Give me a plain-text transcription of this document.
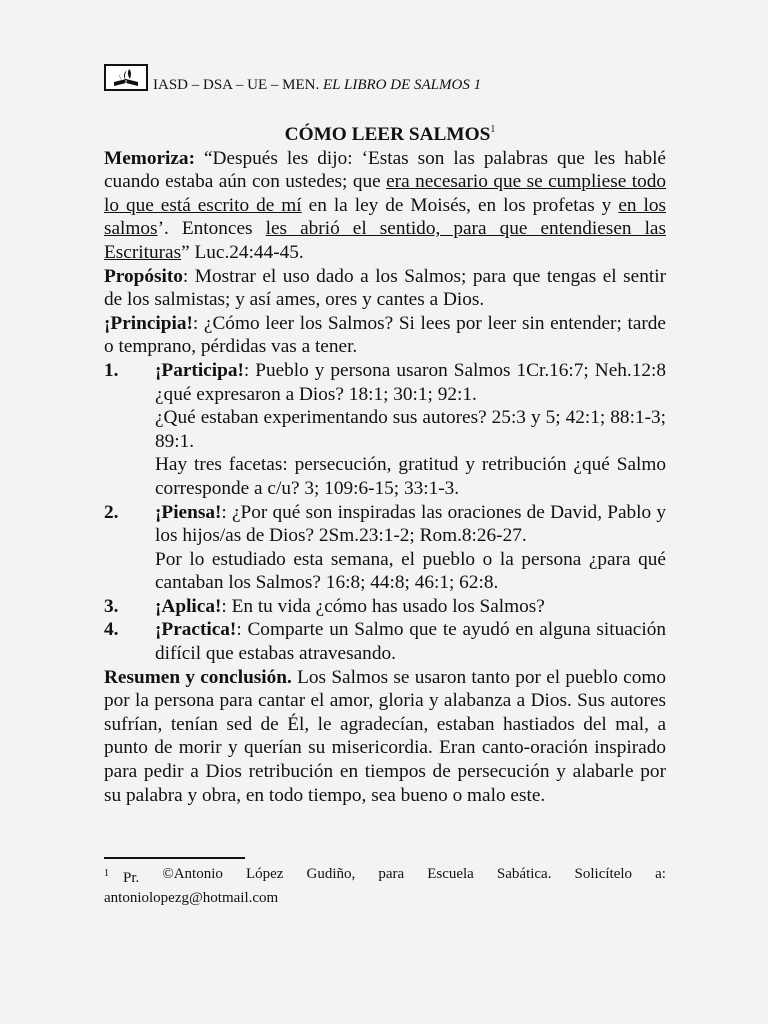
IASD – DSA – UE – MEN. EL LIBRO DE SALMOS 1
CÓMO LEER SALMOS$^1$

Memoriza: “Después les dijo: ‘Estas son las palabras que les hablé cuando estaba aún con ustedes; que era necesario que se cumpliese todo lo que está escrito de mí en la ley de Moisés, en los profetas y en los salmos’. Entonces les abrió el sentido, para que entendiesen las Escrituras” Luc.24:44-45.

Propósito: Mostrar el uso dado a los Salmos; para que tengas el sentir de los salmistas; y así ames, ores y cantes a Dios.

¡Principia!: ¿Cómo leer los Salmos? Si lees por leer sin entender; tarde o temprano, pérdidas vas a tener.

1.	¡Participa!: Pueblo y persona usaron Salmos 1Cr.16:7; Neh.12:8 ¿qué expresaron a Dios? 18:1; 30:1; 92:1.

¿Qué estaban experimentando sus autores? 25:3 y 5; 42:1; 88:1-3; 89:1.

Hay tres facetas: persecución, gratitud y retribución ¿qué Salmo corresponde a c/u? 3; 109:6-15; 33:1-3.

2.	¡Piensa!: ¿Por qué son inspiradas las oraciones de David, Pablo y los hijos/as de Dios? 2Sm.23:1-2; Rom.8:26-27.

Por lo estudiado esta semana, el pueblo o la persona ¿para qué cantaban los Salmos? 16:8; 44:8; 46:1; 62:8.

3.	¡Aplica!: En tu vida ¿cómo has usado los Salmos?

4.	¡Practica!: Comparte un Salmo que te ayudó en alguna situación difícil que estabas atravesando.

Resumen y conclusión. Los Salmos se usaron tanto por el pueblo como por la persona para cantar el amor, gloria y alabanza a Dios. Sus autores sufrían, tenían sed de Él, le agradecían, estaban hastiados del mal, a punto de morir y querían su misericordia. Eran canto-oración inspirado para pedir a Dios retribución en tiempos de persecución y alabarle por su palabra y obra, en todo tiempo, sea bueno o malo este.

$^1$ Pr. ©Antonio López Gudiño, para Escuela Sabática. Solicítelo a:
antoniolopezg@hotmail.com
